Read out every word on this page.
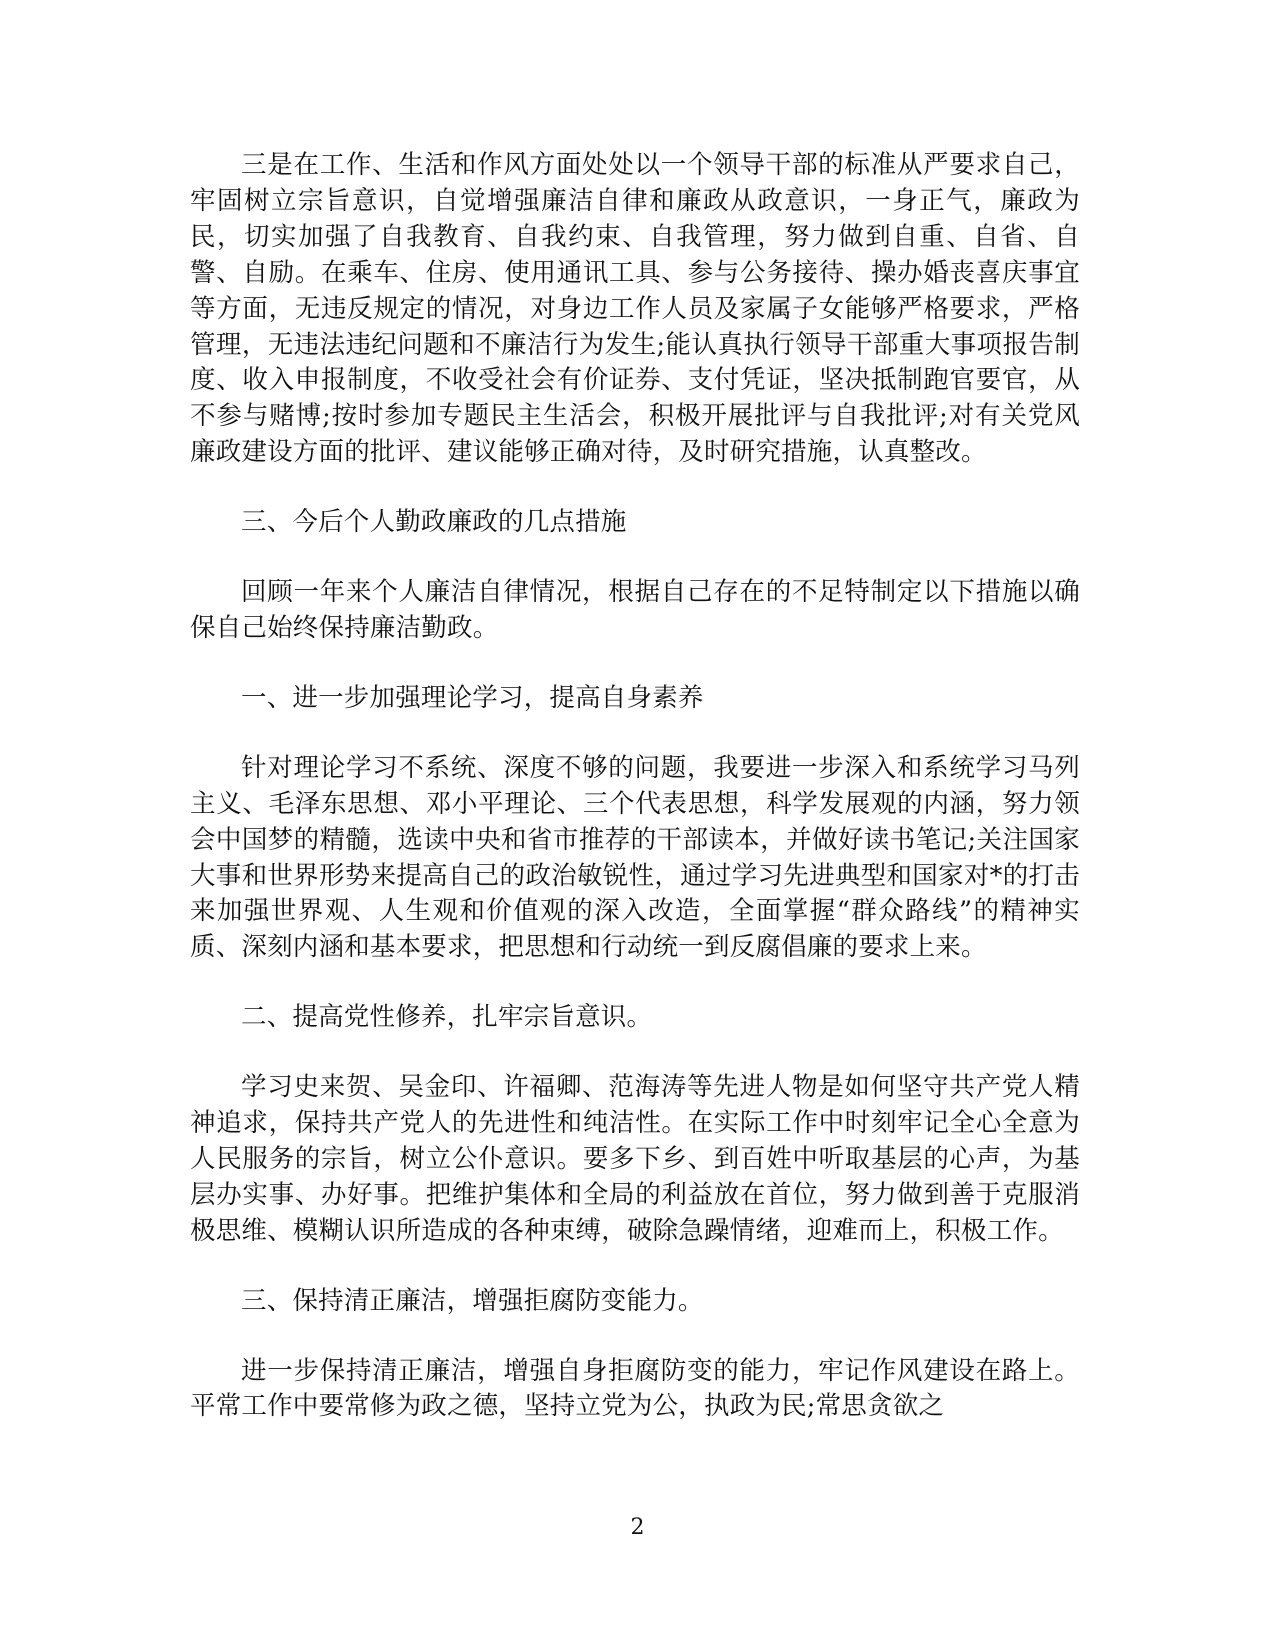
三是在工作、生活和作风方面处处以一个领导干部的标准从严要求自己，牢固树立宗旨意识，自觉增强廉洁自律和廉政从政意识，一身正气，廉政为民，切实加强了自我教育、自我约束、自我管理，努力做到自重、自省、自警、自励。在乘车、住房、使用通讯工具、参与公务接待、操办婚丧喜庆事宜等方面，无违反规定的情况，对身边工作人员及家属子女能够严格要求，严格管理，无违法违纪问题和不廉洁行为发生;能认真执行领导干部重大事项报告制度、收入申报制度，不收受社会有价证券、支付凭证，坚决抵制跑官要官，从不参与赌博;按时参加专题民主生活会，积极开展批评与自我批评;对有关党风廉政建设方面的批评、建议能够正确对待，及时研究措施，认真整改。

三、今后个人勤政廉政的几点措施

回顾一年来个人廉洁自律情况，根据自己存在的不足特制定以下措施以确保自己始终保持廉洁勤政。

一、进一步加强理论学习，提高自身素养

针对理论学习不系统、深度不够的问题，我要进一步深入和系统学习马列主义、毛泽东思想、邓小平理论、三个代表思想，科学发展观的内涵，努力领会中国梦的精髓，选读中央和省市推荐的干部读本，并做好读书笔记;关注国家大事和世界形势来提高自己的政治敏锐性，通过学习先进典型和国家对*的打击来加强世界观、人生观和价值观的深入改造，全面掌握“群众路线”的精神实质、深刻内涵和基本要求，把思想和行动统一到反腐倡廉的要求上来。

二、提高党性修养，扎牢宗旨意识。

学习史来贺、吴金印、许福卿、范海涛等先进人物是如何坚守共产党人精神追求，保持共产党人的先进性和纯洁性。在实际工作中时刻牢记全心全意为人民服务的宗旨，树立公仆意识。要多下乡、到百姓中听取基层的心声，为基层办实事、办好事。把维护集体和全局的利益放在首位，努力做到善于克服消极思维、模糊认识所造成的各种束缚，破除急躁情绪，迎难而上，积极工作。

三、保持清正廉洁，增强拒腐防变能力。

进一步保持清正廉洁，增强自身拒腐防变的能力，牢记作风建设在路上。平常工作中要常修为政之德，坚持立党为公，执政为民;常思贪欲之

2
